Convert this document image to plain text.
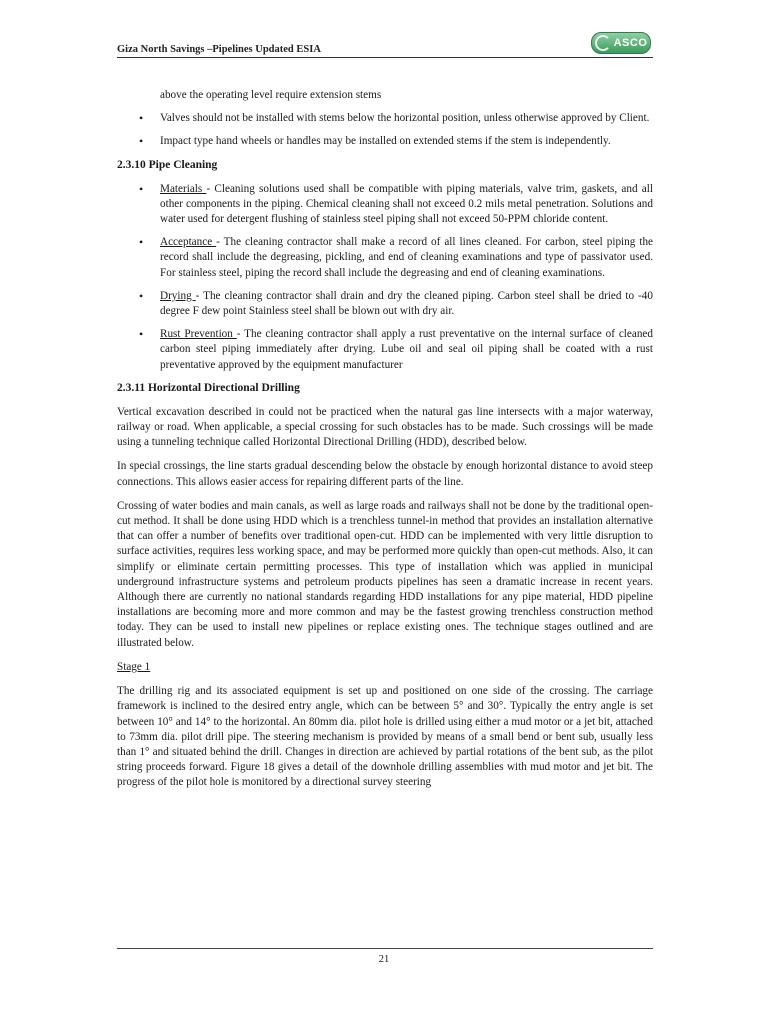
Giza North Savings –Pipelines Updated ESIA
ASCO

above the operating level require extension stems

• Valves should not be installed with stems below the horizontal position, unless otherwise approved by Client.
• Impact type hand wheels or handles may be installed on extended stems if the stem is independently.
2.3.10 Pipe Cleaning
• Materials - Cleaning solutions used shall be compatible with piping materials, valve trim, gaskets, and all other components in the piping. Chemical cleaning shall not exceed 0.2 mils metal penetration. Solutions and water used for detergent flushing of stainless steel piping shall not exceed 50-PPM chloride content.
• Acceptance - The cleaning contractor shall make a record of all lines cleaned. For carbon, steel piping the record shall include the degreasing, pickling, and end of cleaning examinations and type of passivator used. For stainless steel, piping the record shall include the degreasing and end of cleaning examinations.
• Drying - The cleaning contractor shall drain and dry the cleaned piping. Carbon steel shall be dried to -40 degree F dew point Stainless steel shall be blown out with dry air.
• Rust Prevention - The cleaning contractor shall apply a rust preventative on the internal surface of cleaned carbon steel piping immediately after drying. Lube oil and seal oil piping shall be coated with a rust preventative approved by the equipment manufacturer
2.3.11 Horizontal Directional Drilling

Vertical excavation described in could not be practiced when the natural gas line intersects with a major waterway, railway or road. When applicable, a special crossing for such obstacles has to be made. Such crossings will be made using a tunneling technique called Horizontal Directional Drilling (HDD), described below.

In special crossings, the line starts gradual descending below the obstacle by enough horizontal distance to avoid steep connections. This allows easier access for repairing different parts of the line.

Crossing of water bodies and main canals, as well as large roads and railways shall not be done by the traditional open-cut method. It shall be done using HDD which is a trenchless tunnel-in method that provides an installation alternative that can offer a number of benefits over traditional open-cut. HDD can be implemented with very little disruption to surface activities, requires less working space, and may be performed more quickly than open-cut methods. Also, it can simplify or eliminate certain permitting processes. This type of installation which was applied in municipal underground infrastructure systems and petroleum products pipelines has seen a dramatic increase in recent years. Although there are currently no national standards regarding HDD installations for any pipe material, HDD pipeline installations are becoming more and more common and may be the fastest growing trenchless construction method today. They can be used to install new pipelines or replace existing ones. The technique stages outlined and are illustrated below.

Stage 1

The drilling rig and its associated equipment is set up and positioned on one side of the crossing. The carriage framework is inclined to the desired entry angle, which can be between 5° and 30°. Typically the entry angle is set between 10° and 14° to the horizontal. An 80mm dia. pilot hole is drilled using either a mud motor or a jet bit, attached to 73mm dia. pilot drill pipe. The steering mechanism is provided by means of a small bend or bent sub, usually less than 1° and situated behind the drill. Changes in direction are achieved by partial rotations of the bent sub, as the pilot string proceeds forward. Figure 18 gives a detail of the downhole drilling assemblies with mud motor and jet bit. The progress of the pilot hole is monitored by a directional survey steering

21
